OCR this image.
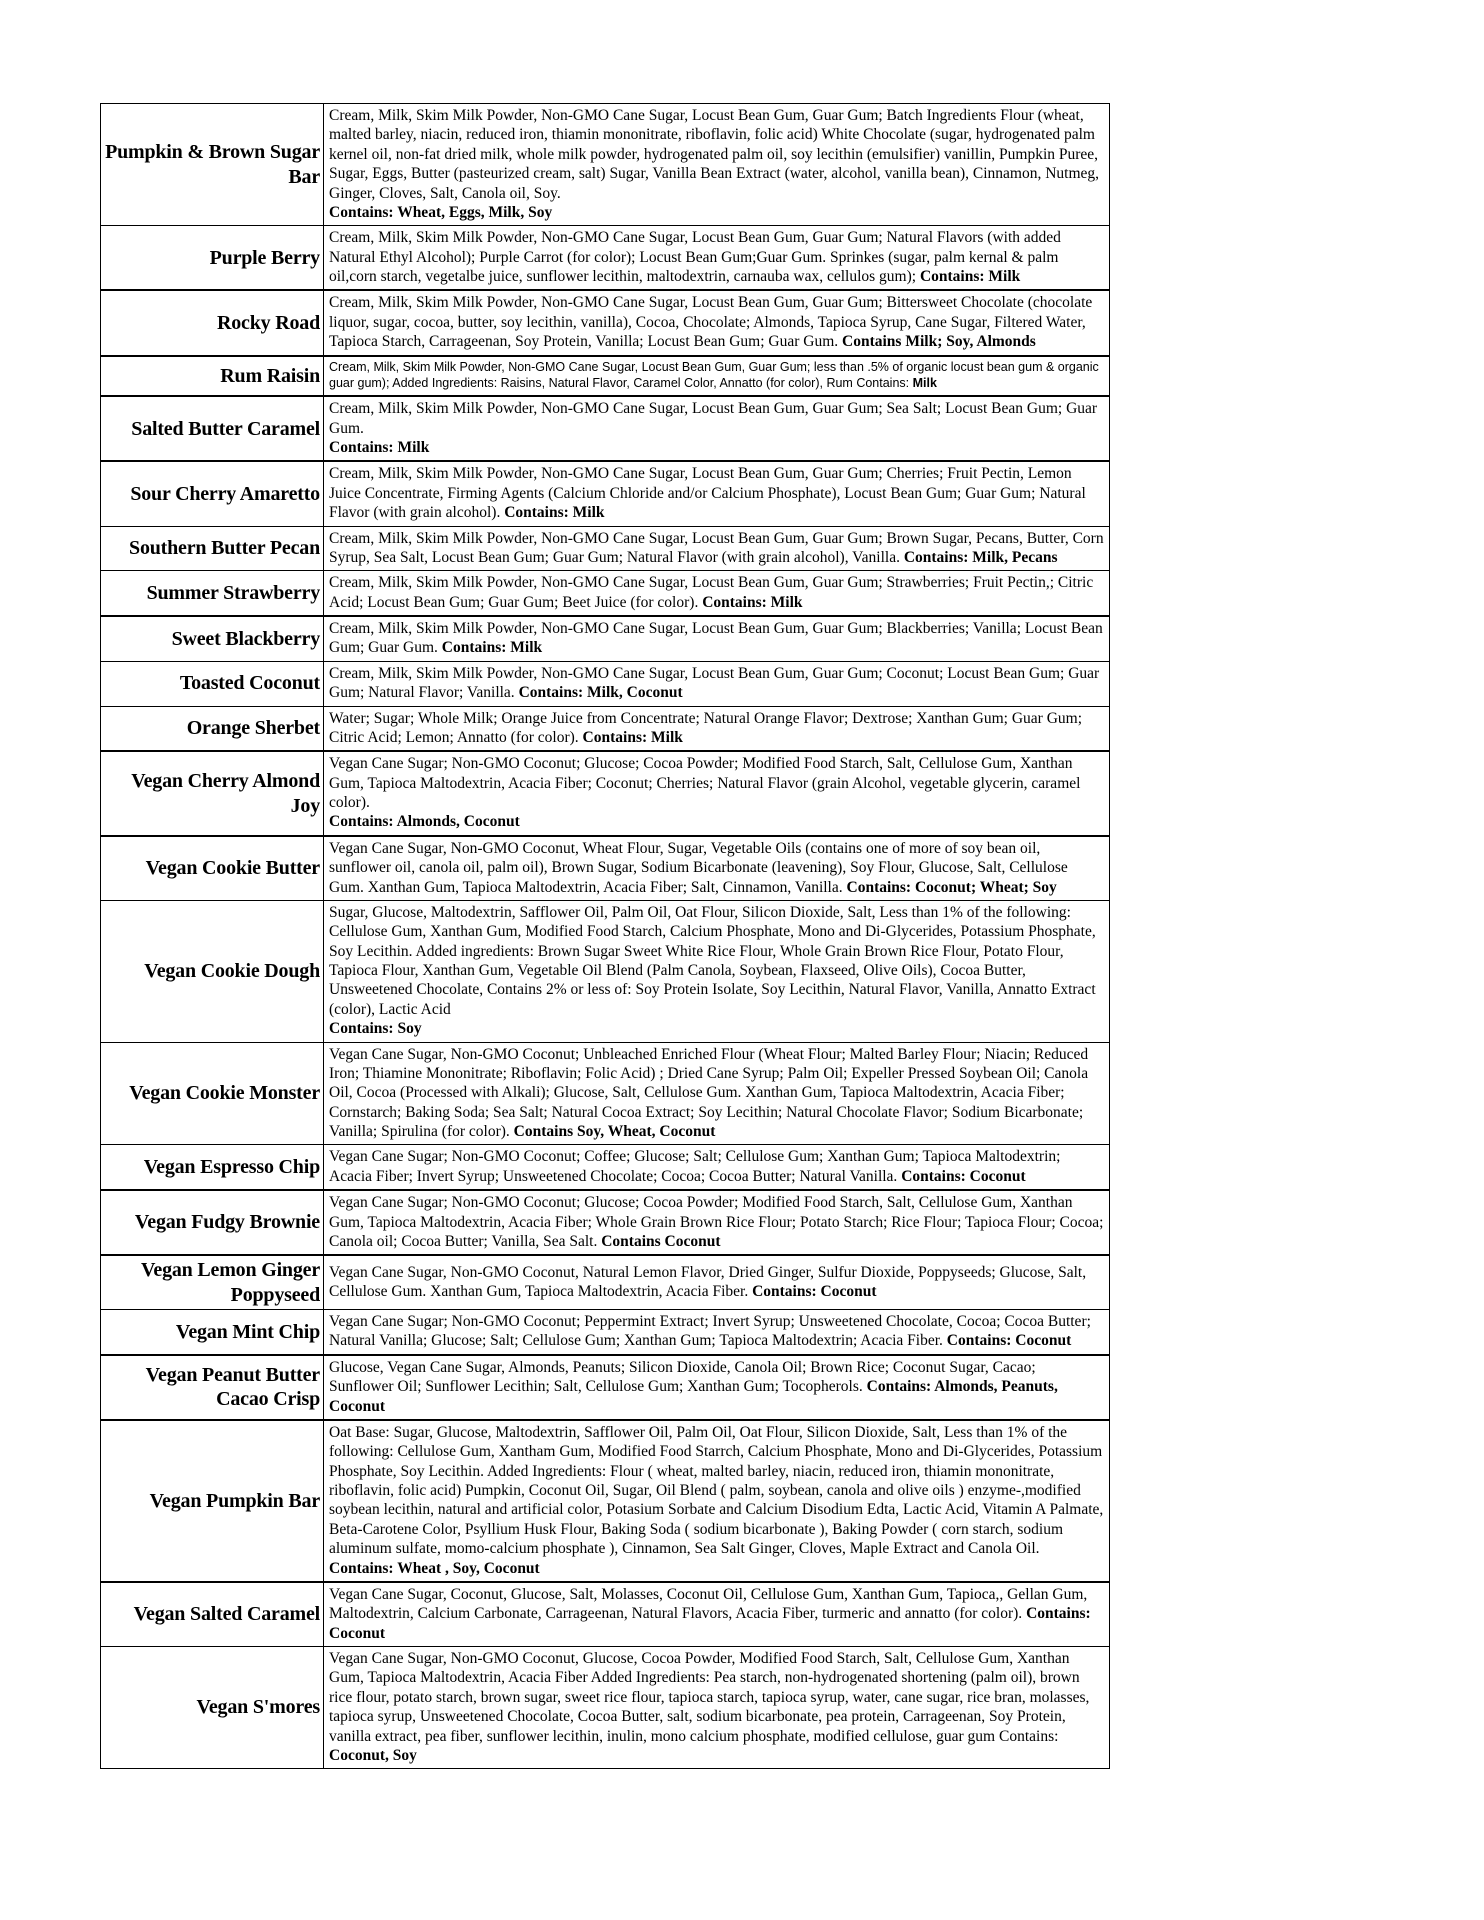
Pumpkin & Brown Sugar Bar	Cream, Milk, Skim Milk Powder, Non-GMO Cane Sugar, Locust Bean Gum, Guar Gum; Batch Ingredients Flour (wheat, malted barley, niacin, reduced iron, thiamin mononitrate, riboflavin, folic acid) White Chocolate (sugar, hydrogenated palm kernel oil, non-fat dried milk, whole milk powder, hydrogenated palm oil, soy lecithin (emulsifier) vanillin, Pumpkin Puree, Sugar, Eggs, Butter (pasteurized cream, salt) Sugar, Vanilla Bean Extract (water, alcohol, vanilla bean), Cinnamon, Nutmeg, Ginger, Cloves, Salt, Canola oil, Soy.
Contains: Wheat, Eggs, Milk, Soy

Purple Berry	Cream, Milk, Skim Milk Powder, Non-GMO Cane Sugar, Locust Bean Gum, Guar Gum; Natural Flavors (with added Natural Ethyl Alcohol); Purple Carrot (for color); Locust Bean Gum;Guar Gum. Sprinkes (sugar, palm kernal & palm oil,corn starch, vegetalbe juice, sunflower lecithin, maltodextrin, carnauba wax, cellulos gum); Contains: Milk
Rocky Road	Cream, Milk, Skim Milk Powder, Non-GMO Cane Sugar, Locust Bean Gum, Guar Gum; Bittersweet Chocolate (chocolate liquor, sugar, cocoa, butter, soy lecithin, vanilla), Cocoa, Chocolate; Almonds, Tapioca Syrup, Cane Sugar, Filtered Water, Tapioca Starch, Carrageenan, Soy Protein, Vanilla; Locust Bean Gum; Guar Gum. Contains Milk; Soy, Almonds
Rum Raisin	Cream, Milk, Skim Milk Powder, Non-GMO Cane Sugar, Locust Bean Gum, Guar Gum; less than .5% of organic locust bean gum & organic guar gum); Added Ingredients: Raisins, Natural Flavor, Caramel Color, Annatto (for color), Rum Contains: Milk
Salted Butter Caramel	Cream, Milk, Skim Milk Powder, Non-GMO Cane Sugar, Locust Bean Gum, Guar Gum; Sea Salt; Locust Bean Gum; Guar Gum.
Contains: Milk

Sour Cherry Amaretto	Cream, Milk, Skim Milk Powder, Non-GMO Cane Sugar, Locust Bean Gum, Guar Gum; Cherries; Fruit Pectin, Lemon Juice Concentrate, Firming Agents (Calcium Chloride and/or Calcium Phosphate), Locust Bean Gum; Guar Gum; Natural Flavor (with grain alcohol). Contains: Milk
Southern Butter Pecan	Cream, Milk, Skim Milk Powder, Non-GMO Cane Sugar, Locust Bean Gum, Guar Gum; Brown Sugar, Pecans, Butter, Corn Syrup, Sea Salt, Locust Bean Gum; Guar Gum; Natural Flavor (with grain alcohol), Vanilla. Contains: Milk, Pecans
Summer Strawberry	Cream, Milk, Skim Milk Powder, Non-GMO Cane Sugar, Locust Bean Gum, Guar Gum; Strawberries; Fruit Pectin,; Citric Acid; Locust Bean Gum; Guar Gum; Beet Juice (for color). Contains: Milk
Sweet Blackberry	Cream, Milk, Skim Milk Powder, Non-GMO Cane Sugar, Locust Bean Gum, Guar Gum; Blackberries; Vanilla; Locust Bean Gum; Guar Gum. Contains: Milk
Toasted Coconut	Cream, Milk, Skim Milk Powder, Non-GMO Cane Sugar, Locust Bean Gum, Guar Gum; Coconut; Locust Bean Gum; Guar Gum; Natural Flavor; Vanilla. Contains: Milk, Coconut
Orange Sherbet	Water; Sugar; Whole Milk; Orange Juice from Concentrate; Natural Orange Flavor; Dextrose; Xanthan Gum; Guar Gum; Citric Acid; Lemon; Annatto (for color). Contains: Milk
Vegan Cherry Almond Joy	Vegan Cane Sugar; Non-GMO Coconut; Glucose; Cocoa Powder; Modified Food Starch, Salt, Cellulose Gum, Xanthan Gum, Tapioca Maltodextrin, Acacia Fiber; Coconut; Cherries; Natural Flavor (grain Alcohol, vegetable glycerin, caramel color).
Contains: Almonds, Coconut

Vegan Cookie Butter	Vegan Cane Sugar, Non-GMO Coconut, Wheat Flour, Sugar, Vegetable Oils (contains one of more of soy bean oil, sunflower oil, canola oil, palm oil), Brown Sugar, Sodium Bicarbonate (leavening), Soy Flour, Glucose, Salt, Cellulose Gum. Xanthan Gum, Tapioca Maltodextrin, Acacia Fiber; Salt, Cinnamon, Vanilla. Contains: Coconut; Wheat; Soy
Vegan Cookie Dough	Sugar, Glucose, Maltodextrin, Safflower Oil, Palm Oil, Oat Flour, Silicon Dioxide, Salt, Less than 1% of the following: Cellulose Gum, Xanthan Gum, Modified Food Starch, Calcium Phosphate, Mono and Di-Glycerides, Potassium Phosphate, Soy Lecithin. Added ingredients: Brown Sugar Sweet White Rice Flour, Whole Grain Brown Rice Flour, Potato Flour, Tapioca Flour, Xanthan Gum, Vegetable Oil Blend (Palm Canola, Soybean, Flaxseed, Olive Oils), Cocoa Butter, Unsweetened Chocolate, Contains 2% or less of: Soy Protein Isolate, Soy Lecithin, Natural Flavor, Vanilla, Annatto Extract (color), Lactic Acid
Contains: Soy

Vegan Cookie Monster	Vegan Cane Sugar, Non-GMO Coconut; Unbleached Enriched Flour (Wheat Flour; Malted Barley Flour; Niacin; Reduced Iron; Thiamine Mononitrate; Riboflavin; Folic Acid) ; Dried Cane Syrup; Palm Oil; Expeller Pressed Soybean Oil; Canola Oil, Cocoa (Processed with Alkali); Glucose, Salt, Cellulose Gum. Xanthan Gum, Tapioca Maltodextrin, Acacia Fiber; Cornstarch; Baking Soda; Sea Salt; Natural Cocoa Extract; Soy Lecithin; Natural Chocolate Flavor; Sodium Bicarbonate; Vanilla; Spirulina (for color). Contains Soy, Wheat, Coconut
Vegan Espresso Chip	Vegan Cane Sugar; Non-GMO Coconut; Coffee; Glucose; Salt; Cellulose Gum; Xanthan Gum; Tapioca Maltodextrin; Acacia Fiber; Invert Syrup; Unsweetened Chocolate; Cocoa; Cocoa Butter; Natural Vanilla. Contains: Coconut
Vegan Fudgy Brownie	Vegan Cane Sugar; Non-GMO Coconut; Glucose; Cocoa Powder; Modified Food Starch, Salt, Cellulose Gum, Xanthan Gum, Tapioca Maltodextrin, Acacia Fiber; Whole Grain Brown Rice Flour; Potato Starch; Rice Flour; Tapioca Flour; Cocoa; Canola oil; Cocoa Butter; Vanilla, Sea Salt. Contains Coconut
Vegan Lemon Ginger Poppyseed	Vegan Cane Sugar, Non-GMO Coconut, Natural Lemon Flavor, Dried Ginger, Sulfur Dioxide, Poppyseeds; Glucose, Salt, Cellulose Gum. Xanthan Gum, Tapioca Maltodextrin, Acacia Fiber. Contains: Coconut
Vegan Mint Chip	Vegan Cane Sugar; Non-GMO Coconut; Peppermint Extract; Invert Syrup; Unsweetened Chocolate, Cocoa; Cocoa Butter; Natural Vanilla; Glucose; Salt; Cellulose Gum; Xanthan Gum; Tapioca Maltodextrin; Acacia Fiber. Contains: Coconut
Vegan Peanut Butter Cacao Crisp	Glucose, Vegan Cane Sugar, Almonds, Peanuts; Silicon Dioxide, Canola Oil; Brown Rice; Coconut Sugar, Cacao; Sunflower Oil; Sunflower Lecithin; Salt, Cellulose Gum; Xanthan Gum; Tocopherols. Contains: Almonds, Peanuts, Coconut
Vegan Pumpkin Bar	Oat Base: Sugar, Glucose, Maltodextrin, Safflower Oil, Palm Oil, Oat Flour, Silicon Dioxide, Salt, Less than 1% of the following: Cellulose Gum, Xantham Gum, Modified Food Starrch, Calcium Phosphate, Mono and Di-Glycerides, Potassium Phosphate, Soy Lecithin. Added Ingredients: Flour ( wheat, malted barley, niacin, reduced iron, thiamin mononitrate, riboflavin, folic acid) Pumpkin, Coconut Oil, Sugar, Oil Blend ( palm, soybean, canola and olive oils ) enzyme-,modified soybean lecithin, natural and artificial color, Potasium Sorbate and Calcium Disodium Edta, Lactic Acid, Vitamin A Palmate, Beta-Carotene Color, Psyllium Husk Flour, Baking Soda ( sodium bicarbonate ), Baking Powder ( corn starch, sodium aluminum sulfate, momo-calcium phosphate ), Cinnamon, Sea Salt Ginger, Cloves, Maple Extract and Canola Oil. Contains: Wheat , Soy, Coconut
Vegan Salted Caramel	Vegan Cane Sugar, Coconut, Glucose, Salt, Molasses, Coconut Oil, Cellulose Gum, Xanthan Gum, Tapioca,, Gellan Gum, Maltodextrin, Calcium Carbonate, Carrageenan, Natural Flavors, Acacia Fiber, turmeric and annatto (for color). Contains: Coconut
Vegan S'mores	Vegan Cane Sugar, Non-GMO Coconut, Glucose, Cocoa Powder, Modified Food Starch, Salt, Cellulose Gum, Xanthan Gum, Tapioca Maltodextrin, Acacia Fiber Added Ingredients: Pea starch, non-hydrogenated shortening (palm oil), brown rice flour, potato starch, brown sugar, sweet rice flour, tapioca starch, tapioca syrup, water, cane sugar, rice bran, molasses, tapioca syrup, Unsweetened Chocolate, Cocoa Butter, salt, sodium bicarbonate, pea protein, Carrageenan, Soy Protein, vanilla extract, pea fiber, sunflower lecithin, inulin, mono calcium phosphate, modified cellulose, guar gum Contains: Coconut, Soy
